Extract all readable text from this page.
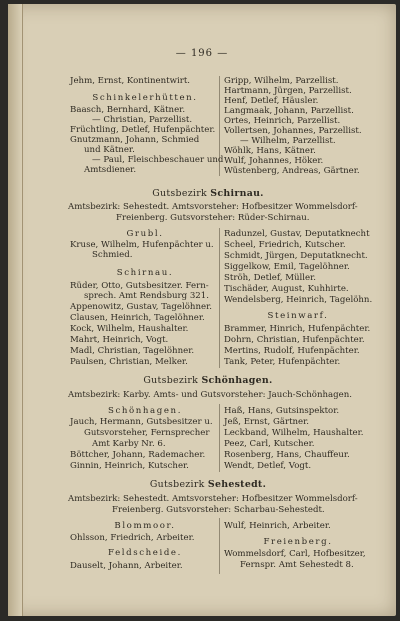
— 196 —
Jehm, Ernst, Kontinentwirt.
Schinkelerhütten.
Baasch, Bernhard, Kätner.
— Christian, Parzellist.
Früchtling, Detlef, Hufenpächter.
Gnutzmann, Johann, Schmied
und Kätner.
— Paul, Fleischbeschauer und
Amtsdiener.
Gripp, Wilhelm, Parzellist.
Hartmann, Jürgen, Parzellist.
Henf, Detlef, Häusler.
Langmaak, Johann, Parzellist.
Ortes, Heinrich, Parzellist.
Vollertsen, Johannes, Parzellist.
— Wilhelm, Parzellist.
Wöhlk, Hans, Kätner.
Wulf, Johannes, Höker.
Wüstenberg, Andreas, Gärtner.
Gutsbezirk Schirnau.
Amtsbezirk: Sehestedt. Amtsvorsteher: Hofbesitzer Wommelsdorf-
Freienberg. Gutsvorsteher: Rüder-Schirnau.
Grubl.
Kruse, Wilhelm, Hufenpächter u.
Schmied.
Schirnau.
Rüder, Otto, Gutsbesitzer. Fern-
sprech. Amt Rendsburg 321.
Appenowitz, Gustav, Tagelöhner.
Clausen, Heinrich, Tagelöhner.
Kock, Wilhelm, Haushalter.
Mahrt, Heinrich, Vogt.
Madl, Christian, Tagelöhner.
Paulsen, Christian, Melker.
Radunzel, Gustav, Deputatknecht
Scheel, Friedrich, Kutscher.
Schmidt, Jürgen, Deputatknecht.
Siggelkow, Emil, Tagelöhner.
Ströh, Detlef, Müller.
Tischäder, August, Kuhhirte.
Wendelsberg, Heinrich, Tagelöhn.
Steinwarf.
Brammer, Hinrich, Hufenpächter.
Dohrn, Christian, Hufenpächter.
Mertins, Rudolf, Hufenpächter.
Tank, Peter, Hufenpächter.
Gutsbezirk Schönhagen.
Amtsbezirk: Karby. Amts- und Gutsvorsteher: Jauch-Schönhagen.
Schönhagen.
Jauch, Hermann, Gutsbesitzer u.
Gutsvorsteher, Fernsprecher
Amt Karby Nr. 6.
Böttcher, Johann, Rademacher.
Ginnin, Heinrich, Kutscher.
Haß, Hans, Gutsinspektor.
Jeß, Ernst, Gärtner.
Leckband, Wilhelm, Haushalter.
Peez, Carl, Kutscher.
Rosenberg, Hans, Chauffeur.
Wendt, Detlef, Vogt.
Gutsbezirk Sehestedt.
Amtsbezirk: Sehestedt. Amtsvorsteher: Hofbesitzer Wommelsdorf-
Freienberg. Gutsvorsteher: Scharbau-Sehestedt.
Blommoor.
Ohlsson, Friedrich, Arbeiter.
Feldscheide.
Dauselt, Johann, Arbeiter.
Wulf, Heinrich, Arbeiter.
Freienberg.
Wommelsdorf, Carl, Hofbesitzer,
Fernspr. Amt Sehestedt 8.
